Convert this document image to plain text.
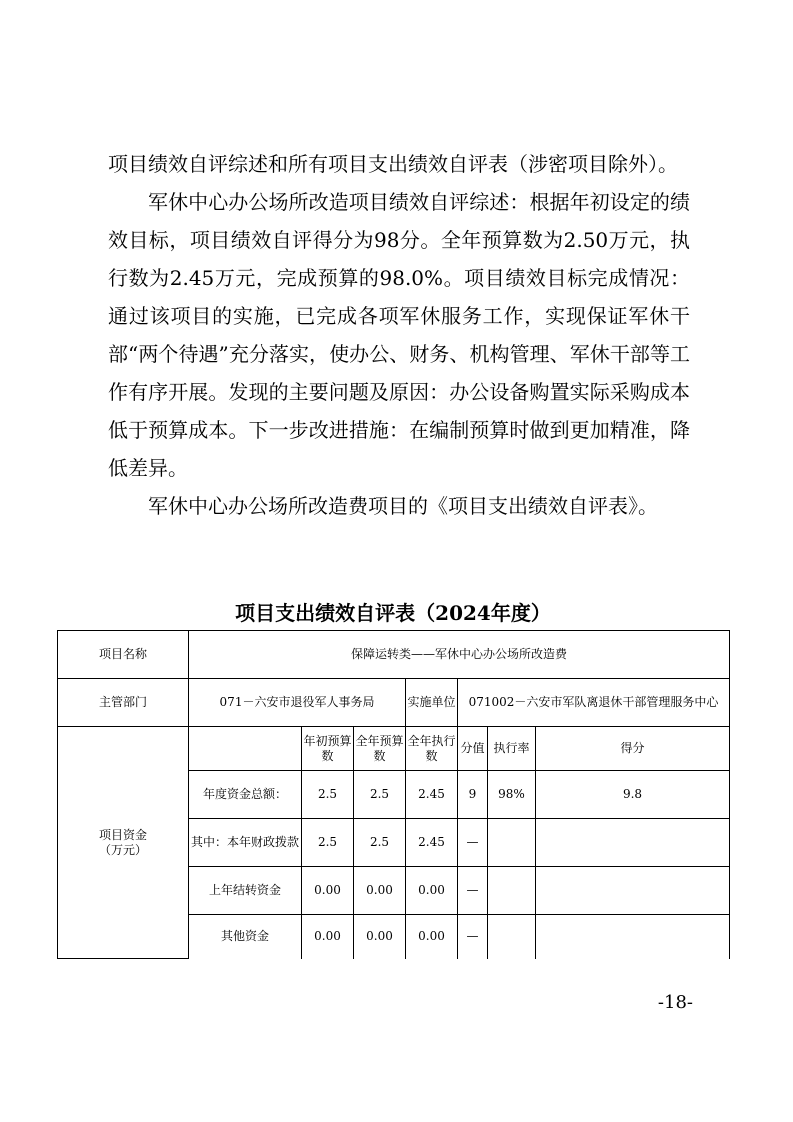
项目绩效自评综述和所有项目支出绩效自评表（涉密项目除外）。

军休中心办公场所改造项目绩效自评综述：根据年初设定的绩效目标，项目绩效自评得分为98分。全年预算数为2.50万元，执行数为2.45万元，完成预算的98.0%。项目绩效目标完成情况：通过该项目的实施，已完成各项军休服务工作，实现保证军休干部“两个待遇”充分落实，使办公、财务、机构管理、军休干部等工作有序开展。发现的主要问题及原因：办公设备购置实际采购成本低于预算成本。下一步改进措施：在编制预算时做到更加精准，降低差异。

军休中心办公场所改造费项目的《项目支出绩效自评表》。

项目支出绩效自评表（2024年度）
项目名称	保障运转类——军休中心办公场所改造费						
主管部门	071－六安市退役军人事务局			实施单位	071002－六安市军队离退休干部管理服务中心		
项目资金（万元）		年初预算数	全年预算数	全年执行数	分值	执行率	得分
	年度资金总额：	2.5	2.5	2.45	9	98%	9.8
	其中：本年财政拨款	2.5	2.5	2.45	—		
	上年结转资金	0.00	0.00	0.00	—		
	其他资金	0.00	0.00	0.00	—		
-18-
